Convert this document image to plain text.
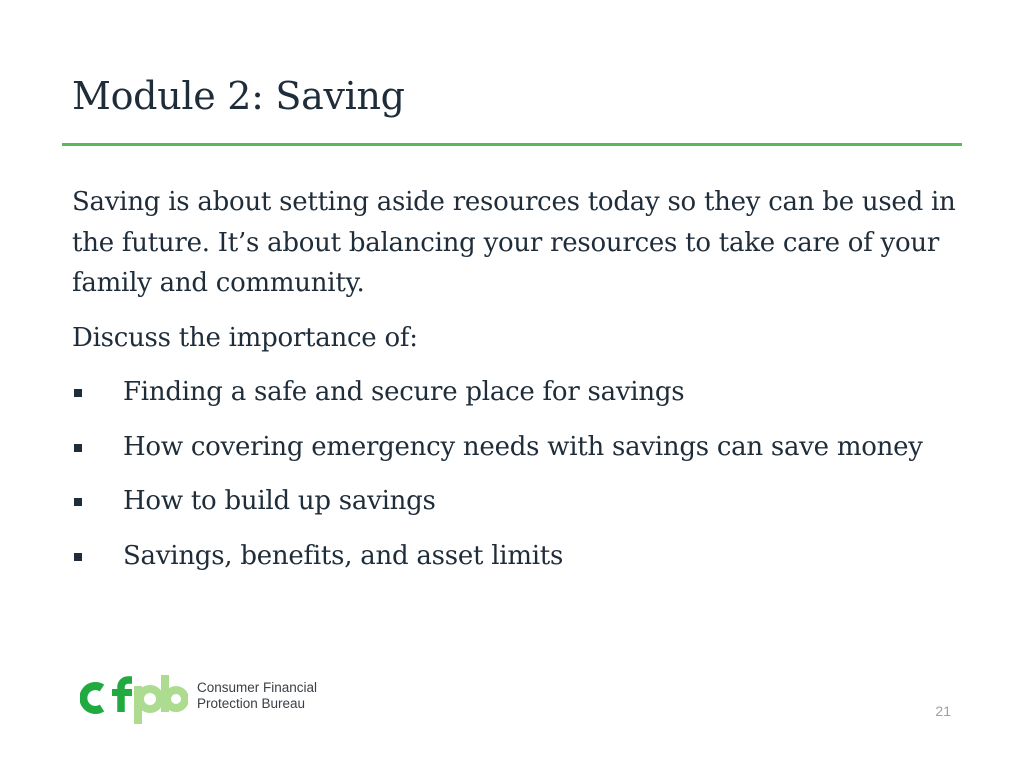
Module 2: Saving

Saving is about setting aside resources today so they can be used in the future. It’s about balancing your resources to take care of your family and community.

Discuss the importance of:

Finding a safe and secure place for savings
How covering emergency needs with savings can save money
How to build up savings
Savings, benefits, and asset limits
Consumer Financial
Protection Bureau	21
